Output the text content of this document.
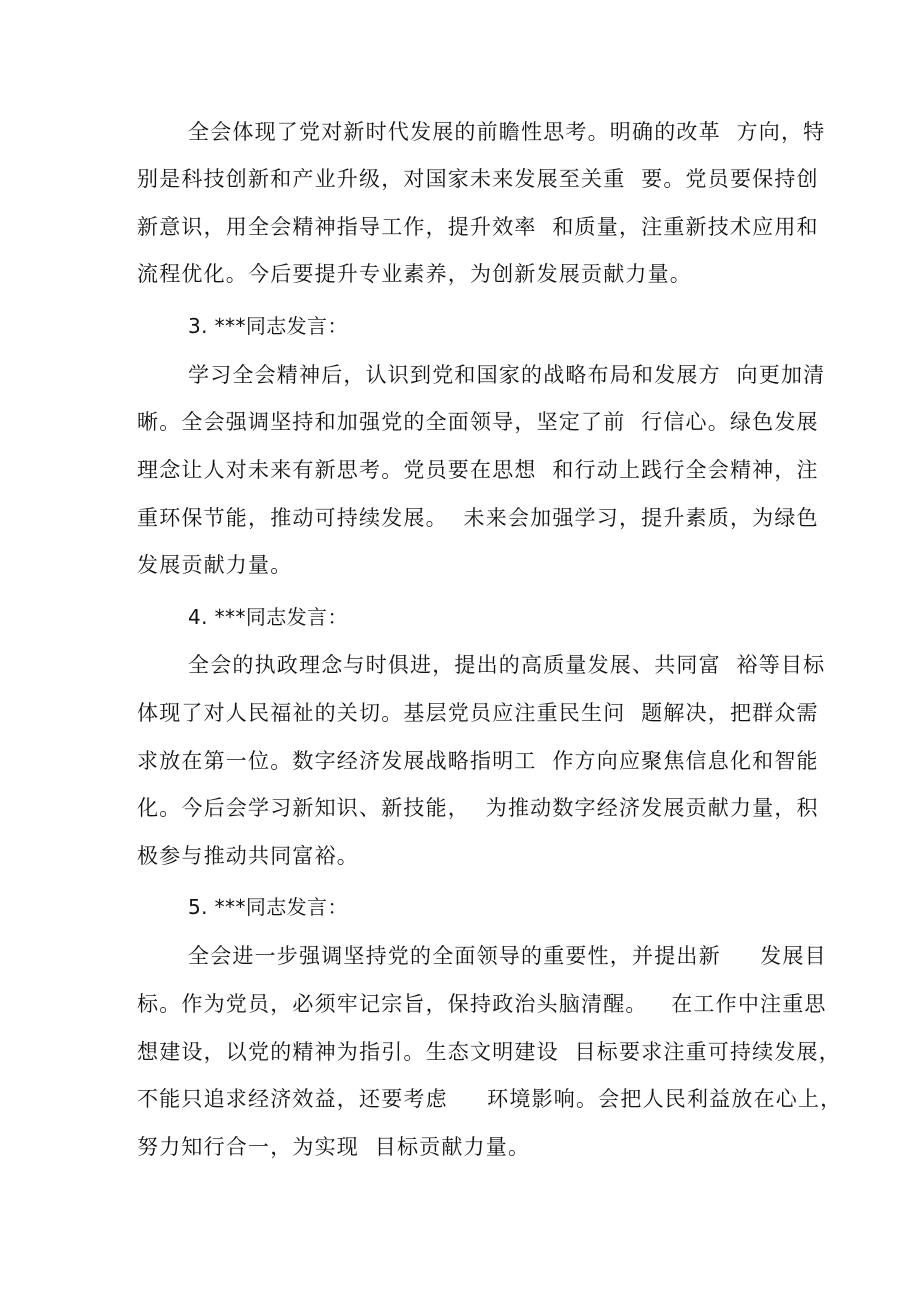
全会体现了党对新时代发展的前瞻性思考。明确的改革  方向，特

别是科技创新和产业升级，对国家未来发展至关重  要。党员要保持创

新意识，用全会精神指导工作，提升效率  和质量，注重新技术应用和

流程优化。今后要提升专业素养，为创新发展贡献力量。

3. ***同志发言：

学习全会精神后，认识到党和国家的战略布局和发展方  向更加清

晰。全会强调坚持和加强党的全面领导，坚定了前  行信心。绿色发展

理念让人对未来有新思考。党员要在思想  和行动上践行全会精神，注

重环保节能，推动可持续发展。  未来会加强学习，提升素质，为绿色

发展贡献力量。

4. ***同志发言：

全会的执政理念与时俱进，提出的高质量发展、共同富  裕等目标

体现了对人民福祉的关切。基层党员应注重民生问  题解决，把群众需

求放在第一位。数字经济发展战略指明工  作方向应聚焦信息化和智能

化。今后会学习新知识、新技能，  为推动数字经济发展贡献力量，积

极参与推动共同富裕。

5. ***同志发言：

全会进一步强调坚持党的全面领导的重要性，并提出新     发展目

标。作为党员，必须牢记宗旨，保持政治头脑清醒。   在工作中注重思

想建设，以党的精神为指引。生态文明建设  目标要求注重可持续发展，

不能只追求经济效益，还要考虑     环境影响。会把人民利益放在心上，

努力知行合一，为实现  目标贡献力量。
